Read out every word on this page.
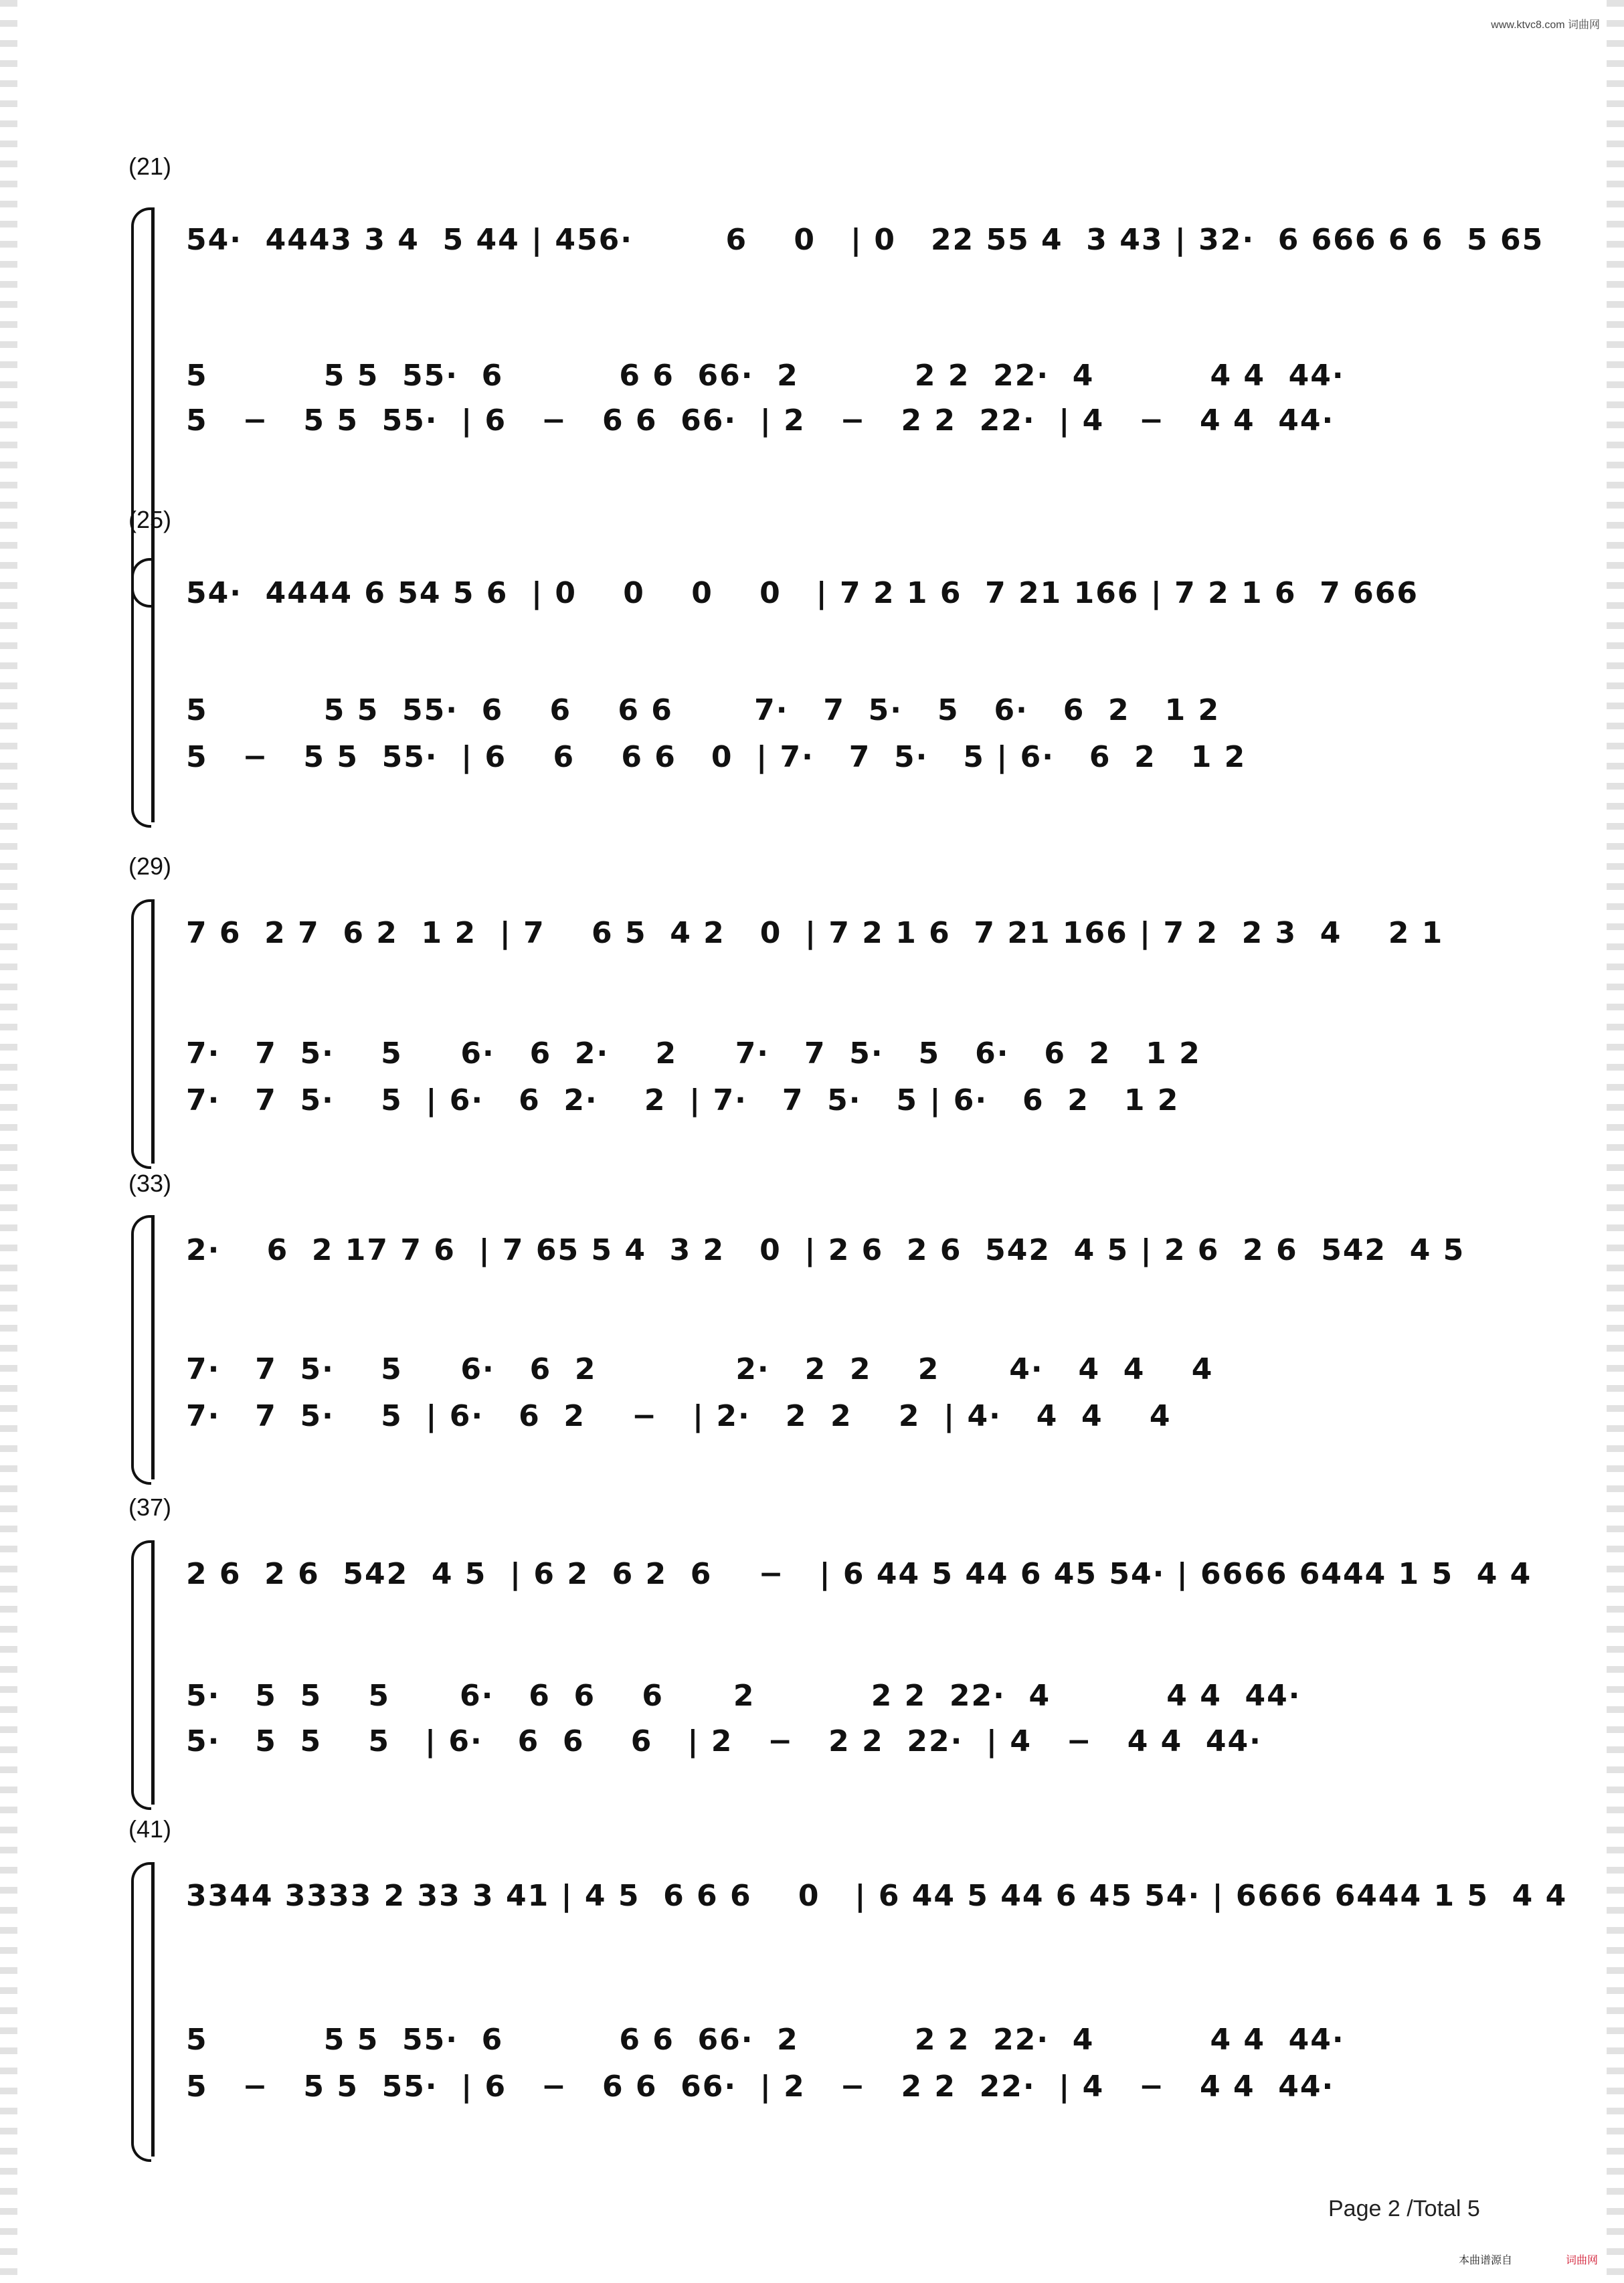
www.ktvc8.com 词曲网
(21)
54·  4443 3 4  5 44 | 456·        6    0   | 0   22 55 4  3 43 | 32·  6 666 6 6  5 65
5          5 5  55·  6          6 6  66·  2          2 2  22·  4          4 4  44·
5   −   5 5  55·  | 6   −   6 6  66·  | 2   −   2 2  22·  | 4   −   4 4  44·
(25)
54·  4444 6 54 5 6  | 0    0    0    0   | 7 2 1 6  7 21 166 | 7 2 1 6  7 666
5          5 5  55·  6    6    6 6       7·   7  5·   5   6·   6  2   1 2
5   −   5 5  55·  | 6    6    6 6   0  | 7·   7  5·   5 | 6·   6  2   1 2
(29)
7 6  2 7  6 2  1 2  | 7    6 5  4 2   0  | 7 2 1 6  7 21 166 | 7 2  2 3  4    2 1
7·   7  5·    5     6·   6  2·    2     7·   7  5·   5   6·   6  2   1 2
7·   7  5·    5  | 6·   6  2·    2  | 7·   7  5·   5 | 6·   6  2   1 2
(33)
2·    6  2 17 7 6  | 7 65 5 4  3 2   0  | 2 6  2 6  542  4 5 | 2 6  2 6  542  4 5
7·   7  5·    5     6·   6  2            2·   2  2    2      4·   4  4    4
7·   7  5·    5  | 6·   6  2    −   | 2·   2  2    2  | 4·   4  4    4
(37)
2 6  2 6  542  4 5  | 6 2  6 2  6    −   | 6 44 5 44 6 45 54· | 6666 6444 1 5  4 4
5·   5  5    5      6·   6  6    6      2          2 2  22·  4          4 4  44·
5·   5  5    5   | 6·   6  6    6   | 2   −   2 2  22·  | 4   −   4 4  44·
(41)
3344 3333 2 33 3 41 | 4 5  6 6 6    0   | 6 44 5 44 6 45 54· | 6666 6444 1 5  4 4
5          5 5  55·  6          6 6  66·  2          2 2  22·  4          4 4  44·
5   −   5 5  55·  | 6   −   6 6  66·  | 2   −   2 2  22·  | 4   −   4 4  44·
Page 2 /Total 5
本曲谱源自	词曲网
